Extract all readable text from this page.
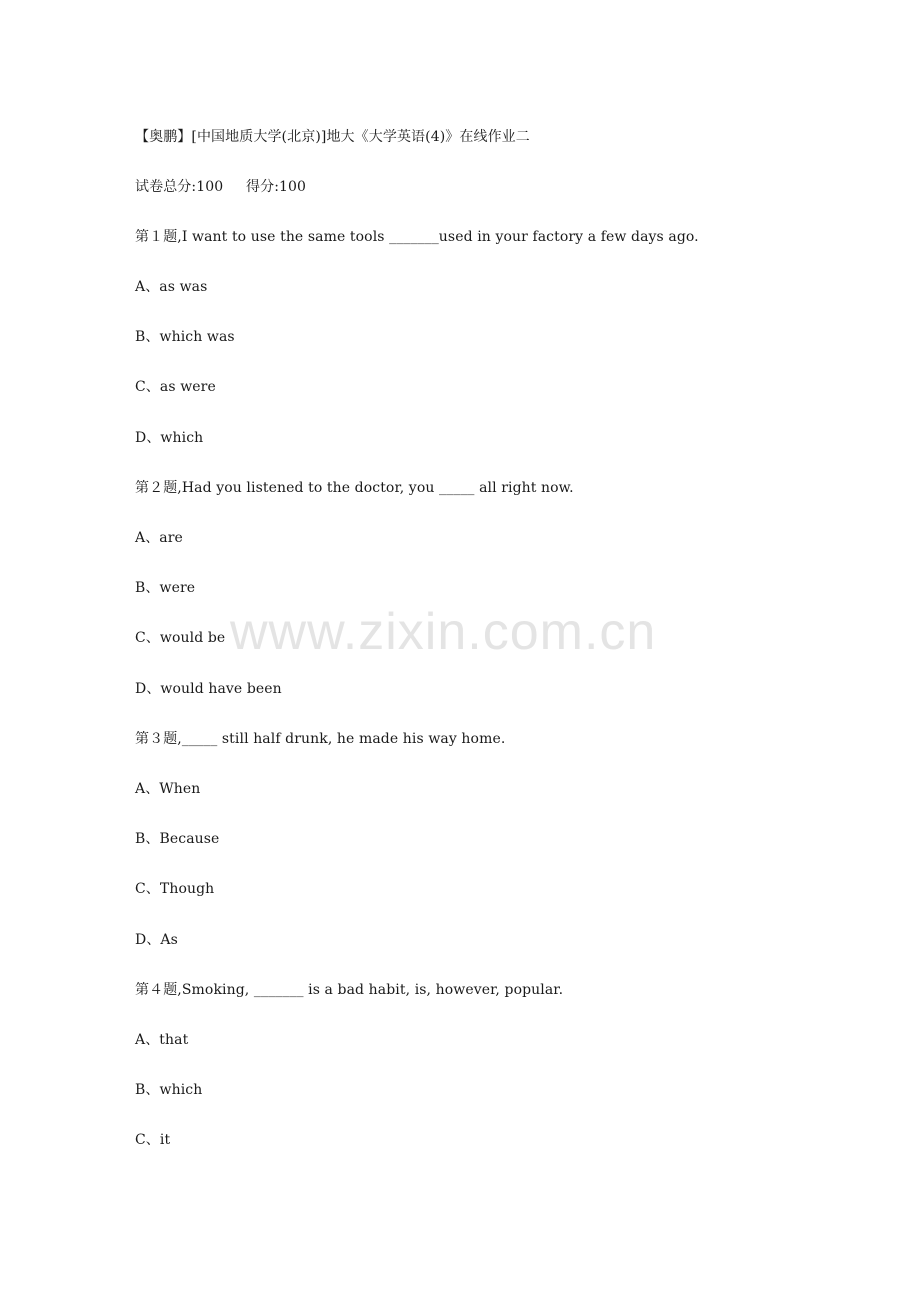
www.zixin.com.cn
【奥鹏】[中国地质大学(北京)]地大《大学英语(4)》在线作业二
试卷总分:100     得分:100
第１题,I want to use the same tools _______used in your factory a few days ago.
A、as was
B、which was
C、as were
D、which
第２题,Had you listened to the doctor, you _____ all right now.
A、are
B、were
C、would be
D、would have been
第３题,_____ still half drunk, he made his way home.
A、When
B、Because
C、Though
D、As
第４题,Smoking, _______ is a bad habit, is, however, popular.
A、that
B、which
C、it
